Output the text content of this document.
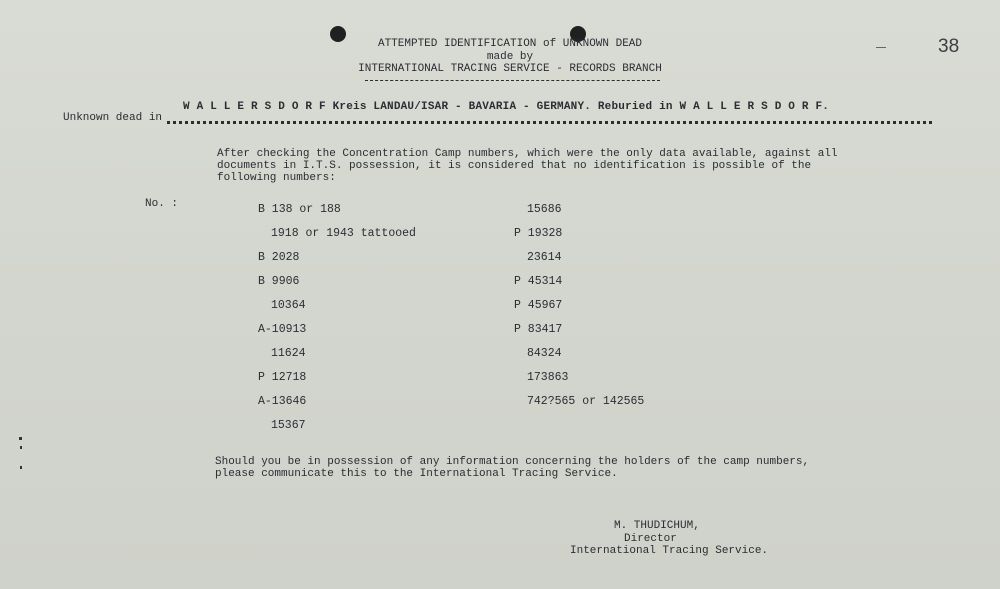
ATTEMPTED IDENTIFICATION of UNKNOWN DEAD
made by
INTERNATIONAL TRACING SERVICE - RECORDS BRANCH
38
Unknown dead in
W A L L E R S D O R F Kreis LANDAU/ISAR - BAVARIA - GERMANY. Reburied in W A L L E R S D O R F.
After checking the Concentration Camp numbers, which were the only data available, against all
documents in I.T.S. possession, it is considered that no identification is possible of the
following numbers:
No. :	B 138 or 188
1918 or 1943 tattooed
B 2028
B 9906
10364
A-10913
11624
P 12718
A-13646
15367
15686
P 19328
23614
P 45314
P 45967
P 83417
84324
173863
742?565 or 142565
Should you be in possession of any information concerning the holders of the camp numbers,
please communicate this to the International Tracing Service.
M. THUDICHUM,
Director
International Tracing Service.
